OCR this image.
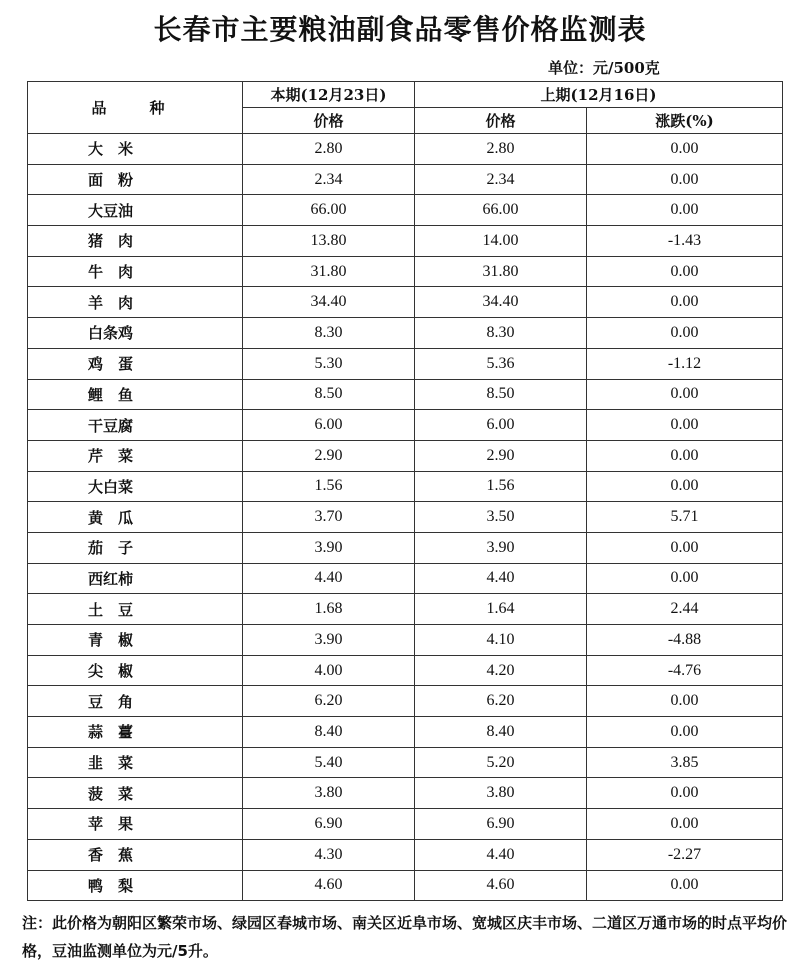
长春市主要粮油副食品零售价格监测表
单位：元/500克
品　种	本期(12月23日)	上期(12月16日)	
	价格	价格	涨跌(%)
大　米	2.80	2.80	0.00
面　粉	2.34	2.34	0.00
大豆油	66.00	66.00	0.00
猪　肉	13.80	14.00	-1.43
牛　肉	31.80	31.80	0.00
羊　肉	34.40	34.40	0.00
白条鸡	8.30	8.30	0.00
鸡　蛋	5.30	5.36	-1.12
鲤　鱼	8.50	8.50	0.00
干豆腐	6.00	6.00	0.00
芹　菜	2.90	2.90	0.00
大白菜	1.56	1.56	0.00
黄　瓜	3.70	3.50	5.71
茄　子	3.90	3.90	0.00
西红柿	4.40	4.40	0.00
土　豆	1.68	1.64	2.44
青　椒	3.90	4.10	-4.88
尖　椒	4.00	4.20	-4.76
豆　角	6.20	6.20	0.00
蒜　薹	8.40	8.40	0.00
韭　菜	5.40	5.20	3.85
菠　菜	3.80	3.80	0.00
苹　果	6.90	6.90	0.00
香　蕉	4.30	4.40	-2.27
鸭　梨	4.60	4.60	0.00
注：此价格为朝阳区繁荣市场、绿园区春城市场、南关区近阜市场、宽城区庆丰市场、二道区万通市场的时点平均价格，豆油监测单位为元/5升。
